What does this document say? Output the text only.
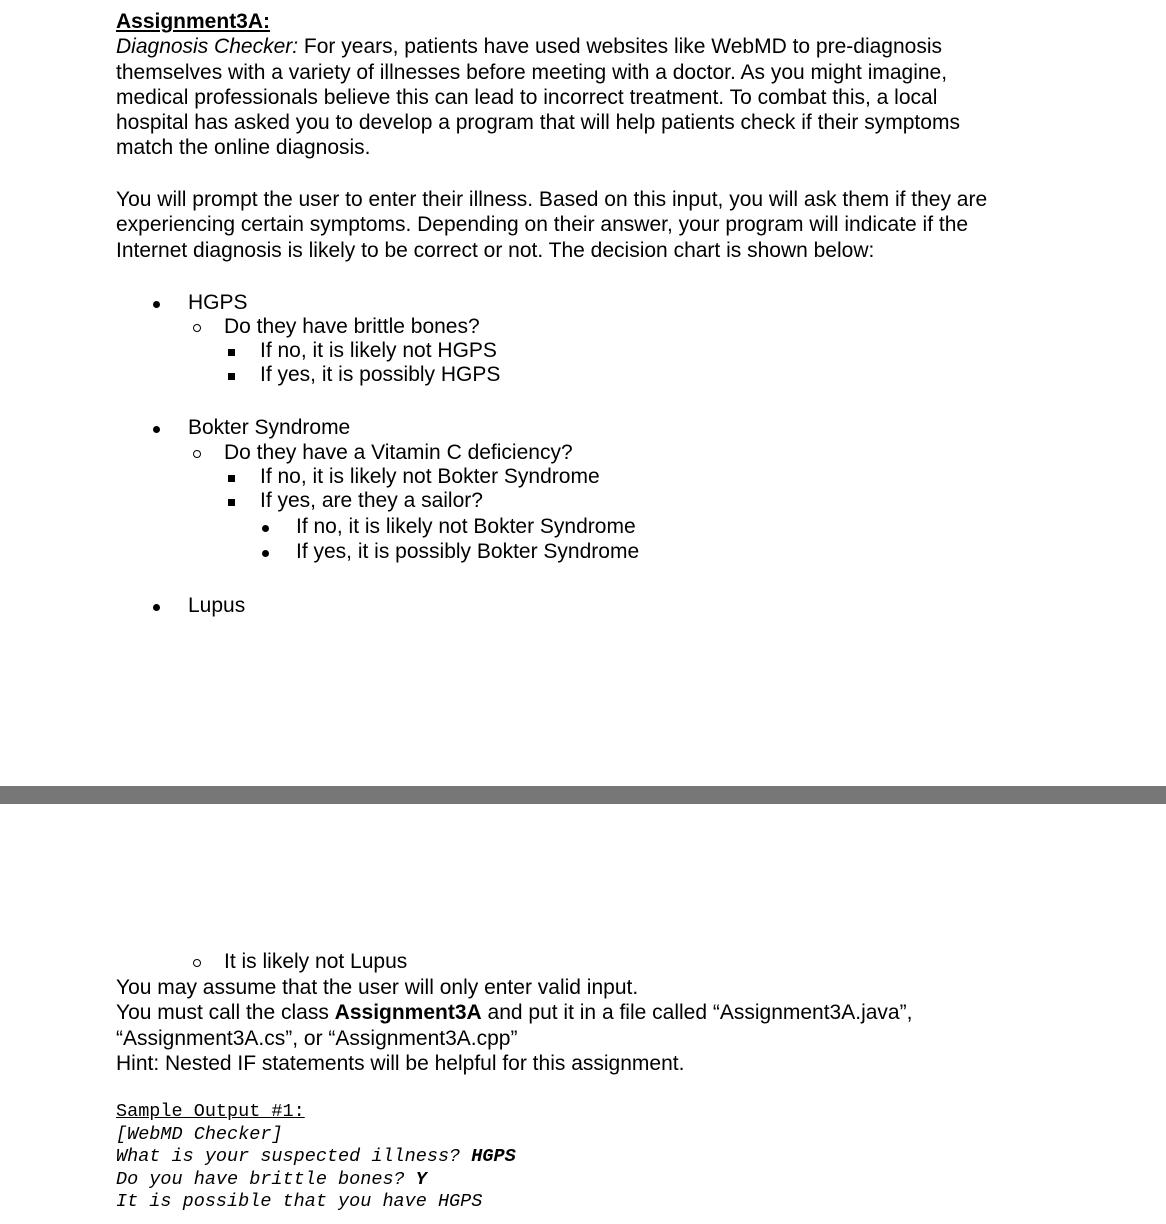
Assignment3A:
Diagnosis Checker: For years, patients have used websites like WebMD to pre-diagnosis
themselves with a variety of illnesses before meeting with a doctor. As you might imagine,
medical professionals believe this can lead to incorrect treatment. To combat this, a local
hospital has asked you to develop a program that will help patients check if their symptoms
match the online diagnosis.
You will prompt the user to enter their illness. Based on this input, you will ask them if they are
experiencing certain symptoms. Depending on their answer, your program will indicate if the
Internet diagnosis is likely to be correct or not. The decision chart is shown below:
HGPS
Do they have brittle bones?
If no, it is likely not HGPS
If yes, it is possibly HGPS
Bokter Syndrome
Do they have a Vitamin C deficiency?
If no, it is likely not Bokter Syndrome
If yes, are they a sailor?
If no, it is likely not Bokter Syndrome
If yes, it is possibly Bokter Syndrome
Lupus
It is likely not Lupus
You may assume that the user will only enter valid input.
You must call the class Assignment3A and put it in a file called “Assignment3A.java”,
“Assignment3A.cs”, or “Assignment3A.cpp”
Hint: Nested IF statements will be helpful for this assignment.
Sample Output #1:
[WebMD Checker]
What is your suspected illness? HGPS
Do you have brittle bones? Y
It is possible that you have HGPS
